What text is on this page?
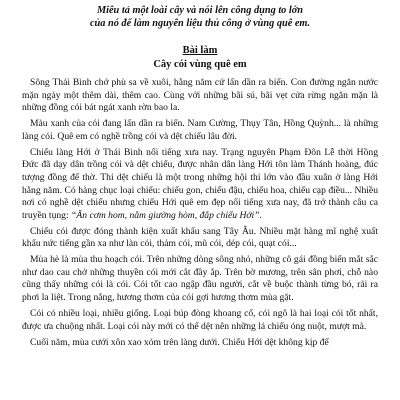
Miêu tả một loài cây và nói lên công dụng to lớn
của nó để làm nguyên liệu thủ công ở vùng quê em.
Bài làm
Cây cói vùng quê em

Sông Thái Bình chở phù sa về xuôi, hằng năm cứ lấn dần ra biển. Con đường ngăn nước mặn ngày một thêm dài, thêm cao. Cùng với những bãi sú, bãi vẹt cửa rừng ngăn mặn là những đồng cói bát ngát xanh rờn bao la.

Màu xanh của cói đang lấn dần ra biển. Nam Cường, Thụy Tân, Hồng Quỳnh... là những làng cói. Quê em có nghề trồng cói và dệt chiếu lâu đời.

Chiếu làng Hới ở Thái Bình nổi tiếng xưa nay. Trạng nguyên Phạm Đôn Lễ thời Hồng Đức đã dạy dân trồng cói và dệt chiếu, được nhân dân làng Hới tôn làm Thánh hoàng, đúc tượng đồng để thờ. Thi dệt chiếu là một trong những hội thi lớn vào đầu xuân ở làng Hới hằng năm. Có hàng chục loại chiếu: chiếu gon, chiếu đậu, chiếu hoa, chiếu cạp điều... Nhiều nơi có nghề dệt chiếu nhưng chiếu Hới quê em đẹp nổi tiếng xưa nay, đã trở thành câu ca truyền tụng: “Ăn cơm hom, nằm giường hòm, đắp chiếu Hới”.

Chiếu cói được đóng thành kiện xuất khẩu sang Tây Âu. Nhiều mặt hàng mĩ nghệ xuất khẩu nức tiếng gần xa như làn cói, thảm cói, mũ cói, dép cói, quạt cói...

Mùa hè là mùa thu hoạch cói. Trên những dòng sông nhỏ, những cô gái đồng biển mắt sắc như dao cau chở những thuyền cói mới cắt đầy ắp. Trên bờ mương, trên sân phơi, chỗ nào cũng thấy những cói là cói. Cói tốt cao ngập đầu người, cắt về buộc thành từng bó, rải ra phơi la liệt. Trong nắng, hương thơm của cói gợi hương thơm mùa gặt.

Cói có nhiều loại, nhiều giống. Loại búp đòng khoang cổ, cói ngô là hai loại cói tốt nhất, được ưa chuộng nhất. Loại cói này mới có thể dệt nên những lá chiếu óng nuột, mượt mà.

Cuối năm, mùa cưới xôn xao xóm trên làng dưới. Chiếu Hới dệt không kịp để
